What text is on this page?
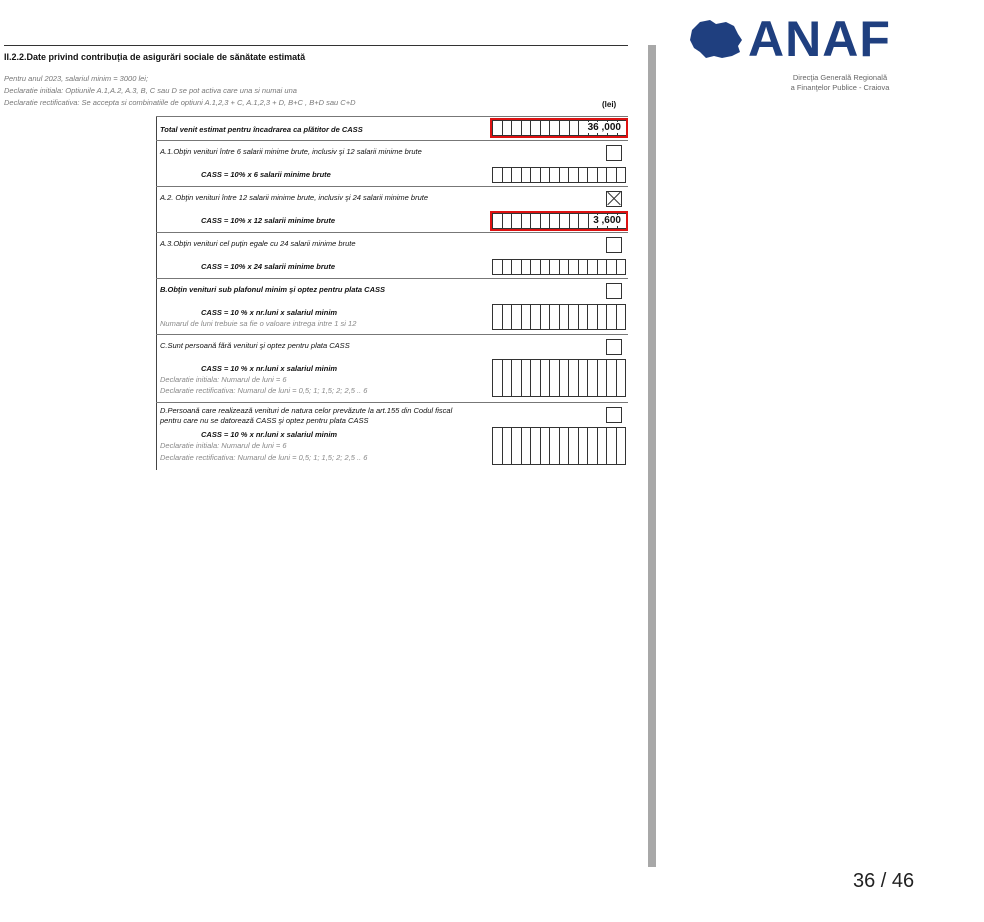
II.2.2.Date privind contribuția de asigurări sociale de sănătate estimată
Pentru anul 2023, salariul minim = 3000 lei;
Declaratie initiala: Optiunile A.1,A.2, A.3, B, C sau D se pot activa care una si numai una
Declaratie rectificativa: Se accepta si combinatiile de optiuni A.1,2,3 + C, A.1,2,3 + D, B+C , B+D sau C+D	(lei)
Total venit estimat pentru încadrarea ca plătitor de CASS	36 ,000
A.1.Obţin venituri între 6 salarii minime brute, inclusiv şi 12 salarii minime brute
CASS = 10% x 6 salarii minime brute
A.2. Obţin venituri între 12 salarii minime brute, inclusiv şi 24 salarii minime brute
CASS = 10% x 12 salarii minime brute	3 ,600
A.3.Obţin venituri cel puţin egale cu 24 salarii minime brute
CASS = 10% x 24 salarii minime brute
B.Obţin venituri sub plafonul minim şi optez pentru plata CASS
CASS = 10 % x nr.luni x salariul minim
Numarul de luni trebuie sa fie o valoare intrega intre 1 si 12
C.Sunt persoană fără venituri şi optez pentru plata CASS
CASS = 10 % x nr.luni x salariul minim
Declaratie initiala: Numarul de luni = 6
Declaratie rectificativa: Numarul de luni = 0,5; 1; 1,5; 2; 2,5 .. 6
D.Persoană care realizează venituri de natura celor prevăzute la art.155 din Codul fiscal
pentru care nu se datorează CASS şi optez pentru plata CASS
CASS = 10 % x nr.luni x salariul minim
Declaratie initiala: Numarul de luni = 6
Declaratie rectificativa: Numarul de luni = 0,5; 1; 1,5; 2; 2,5 .. 6
ANAF
Direcţia Generală Regională
a Finanţelor Publice - Craiova
36 / 46
